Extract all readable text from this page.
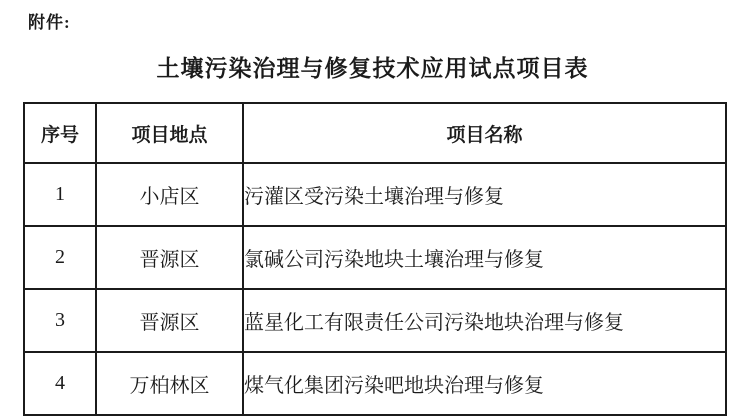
附件:
土壤污染治理与修复技术应用试点项目表
序号	项目地点	项目名称
1	小店区	污灌区受污染土壤治理与修复
2	晋源区	氯碱公司污染地块土壤治理与修复
3	晋源区	蓝星化工有限责任公司污染地块治理与修复
4	万柏林区	煤气化集团污染吧地块治理与修复
